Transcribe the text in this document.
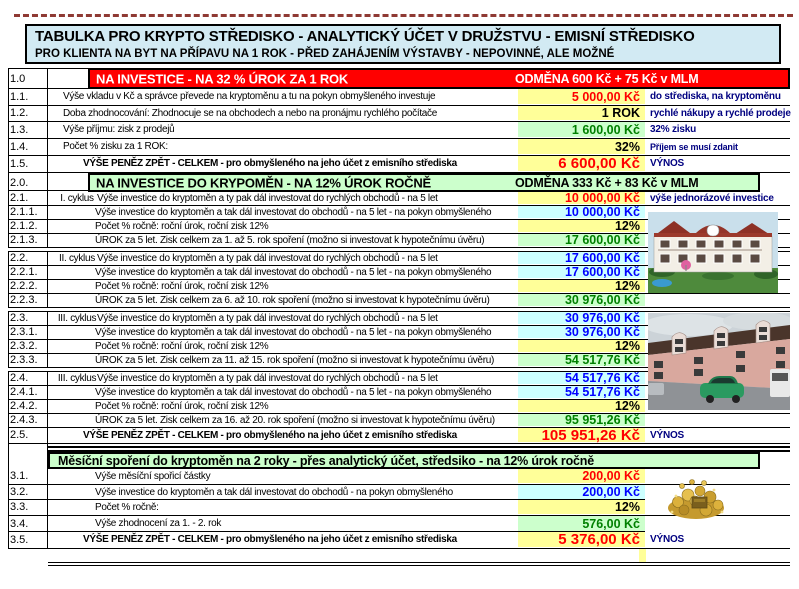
TABULKA PRO KRYPTO STŘEDISKO - ANALYTICKÝ ÚČET V DRUŽSTVU - EMISNÍ STŘEDISKO
PRO KLIENTA NA BYT NA PŘÍPAVU NA 1 ROK - PŘED ZAHÁJENÍM VÝSTAVBY - NEPOVINNÉ, ALE MOŽNÉ
1.0	NA INVESTICE - NA 32 % ÚROK ZA 1 ROK	ODMĚNA 600 Kč + 75 Kč v MLM
1.1.	Výše vkladu v Kč a správce převede na kryptoměnu a tu na pokyn obmyšleného investuje	5 000,00 Kč	do střediska, na kryptoměnu
1.2.	Doba zhodnocování: Zhodnocuje se na obchodech a nebo na pronájmu rychlého počítače	1 ROK	rychlé nákupy a rychlé prodeje
1.3.	Výše příjmu: zisk z prodejů	1 600,00 Kč	32% zisku
1.4.	Počet % zisku za 1 ROK:	32%	Příjem se musí zdanit
1.5.	VÝŠE PENĚZ ZPĚT - CELKEM - pro obmyšleného na jeho účet z emisního střediska	6 600,00 Kč	VÝNOS
2.0.	NA INVESTICE DO KRYPOMĚN - NA 12% ÚROK ROČNĚ	ODMĚNA 333 Kč + 83 Kč v MLM
2.1.	I. cyklus Výše investice do kryptoměn a ty pak dál investovat do rychlých obchodů - na 5 let	10 000,00 Kč	výše jednorázové investice
2.1.1.	Výše investice do kryptoměn a tak dál investovat do obchodů - na 5 let - na pokyn obmyšleného	10 000,00 Kč
2.1.2.	Počet % ročně: roční úrok, roční zisk 12%	12%
2.1.3.	ÚROK za 5 let. Zisk celkem za 1. až 5. rok spoření (možno si investovat k hypotečnímu úvěru)	17 600,00 Kč
2.2.	II. cyklus Výše investice do kryptoměn a ty pak dál investovat do rychlých obchodů - na 5 let	17 600,00 Kč
2.2.1.	Výše investice do kryptoměn a tak dál investovat do obchodů - na 5 let - na pokyn obmyšleného	17 600,00 Kč
2.2.2.	Počet % ročně: roční úrok, roční zisk 12%	12%
2.2.3.	ÚROK za 5 let. Zisk celkem za 6. až 10. rok spoření (možno si investovat k hypotečnímu úvěru)	30 976,00 Kč
2.3.	III. cyklus Výše investice do kryptoměn a ty pak dál investovat do rychlých obchodů - na 5 let	30 976,00 Kč
2.3.1.	Výše investice do kryptoměn a tak dál investovat do obchodů - na 5 let - na pokyn obmyšleného	30 976,00 Kč
2.3.2.	Počet % ročně: roční úrok, roční zisk 12%	12%
2.3.3.	ÚROK za 5 let. Zisk celkem za 11. až 15. rok spoření (možno si investovat k hypotečnímu úvěru)	54 517,76 Kč
2.4.	III. cyklus Výše investice do kryptoměn a ty pak dál investovat do rychlých obchodů - na 5 let	54 517,76 Kč
2.4.1.	Výše investice do kryptoměn a tak dál investovat do obchodů - na 5 let - na pokyn obmyšleného	54 517,76 Kč
2.4.2.	Počet % ročně: roční úrok, roční zisk 12%	12%
2.4.3.	ÚROK za 5 let. Zisk celkem za 16. až 20. rok spoření (možno si investovat k hypotečnímu úvěru)	95 951,26 Kč
2.5.	VÝŠE PENĚZ ZPĚT - CELKEM - pro obmyšleného na jeho účet z emisního střediska	105 951,26 Kč	VÝNOS
Měsíční spoření do kryptoměn na 2 roky - přes analytický účet, středsiko - na 12% úrok ročně
3.1.	Výše měsíční spořicí částky	200,00 Kč
3.2.	Výše investice do kryptoměn a tak dál investovat do obchodů - na pokyn obmyšleného	200,00 Kč
3.3.	Počet % ročně:	12%
3.4.	Výše zhodnocení za 1. - 2. rok	576,00 Kč
3.5.	VÝŠE PENĚZ ZPĚT - CELKEM - pro obmyšleného na jeho účet z emisního střediska	5 376,00 Kč	VÝNOS
